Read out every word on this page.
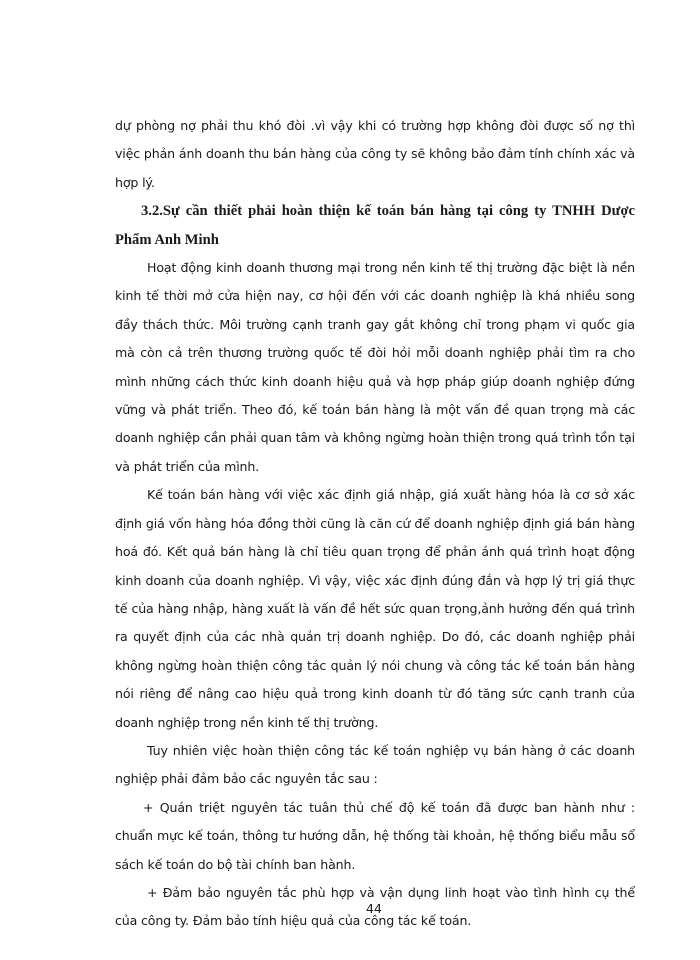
dự phòng nợ phải thu khó đòi .vì vậy khi có trường hợp không đòi được số nợ thì việc phản ánh doanh thu bán hàng của công ty sẽ không bảo đảm tính chính xác và hợp lý.

3.2.Sự cần thiết phải hoàn thiện kế toán bán hàng tại công ty TNHH Dược Phẩm Anh Minh

Hoạt động kinh doanh thương mại trong nền kinh tế thị trường đặc biệt là nền kinh tế thời mở cửa hiện nay, cơ hội đến với các doanh nghiệp là khá nhiều song đầy thách thức. Môi trường cạnh tranh gay gắt không chỉ trong phạm vi quốc gia mà còn cả trên thương trường quốc tế đòi hỏi mỗi doanh nghiệp phải tìm ra cho mình những cách thức kinh doanh hiệu quả và hợp pháp giúp doanh nghiệp đứng vững và phát triển. Theo đó, kế toán bán hàng là một vấn đề quan trọng mà các doanh nghiệp cần phải quan tâm và không ngừng hoàn thiện trong quá trình tồn tại và phát triển của mình.

Kế toán bán hàng với việc xác định giá nhập, giá xuất hàng hóa là cơ sở xác định giá vốn hàng hóa đồng thời cũng là căn cứ để doanh nghiệp định giá bán hàng hoá đó. Kết quả bán hàng là chỉ tiêu quan trọng để phản ánh quá trình hoạt động kinh doanh của doanh nghiệp. Vì vậy, việc xác định đúng đắn và hợp lý trị giá thực tế của hàng nhập, hàng xuất là vấn đề hết sức quan trọng,ảnh hưởng đến quá trình ra quyết định của các nhà quản trị doanh nghiệp. Do đó, các doanh nghiệp phải không ngừng hoàn thiện công tác quản lý nói chung và công tác kế toán bán hàng nói riêng để nâng cao hiệu quả trong kinh doanh từ đó tăng sức cạnh tranh của doanh nghiệp trong nền kinh tế thị trường.

Tuy nhiên việc hoàn thiện công tác kế toán nghiệp vụ bán hàng ở các doanh nghiệp phải đảm bảo các nguyên tắc sau :

+ Quán triệt nguyên tác tuân thủ chế độ kế toán đã được ban hành như : chuẩn mực kế toán, thông tư hướng dẫn, hệ thống tài khoản, hệ thống biểu mẫu sổ sách kế toán do bộ tài chính ban hành.

+ Đảm bảo nguyên tắc phù hợp và vận dụng linh hoạt vào tình hình cụ thể của công ty. Đảm bảo tính hiệu quả của công tác kế toán.

44
